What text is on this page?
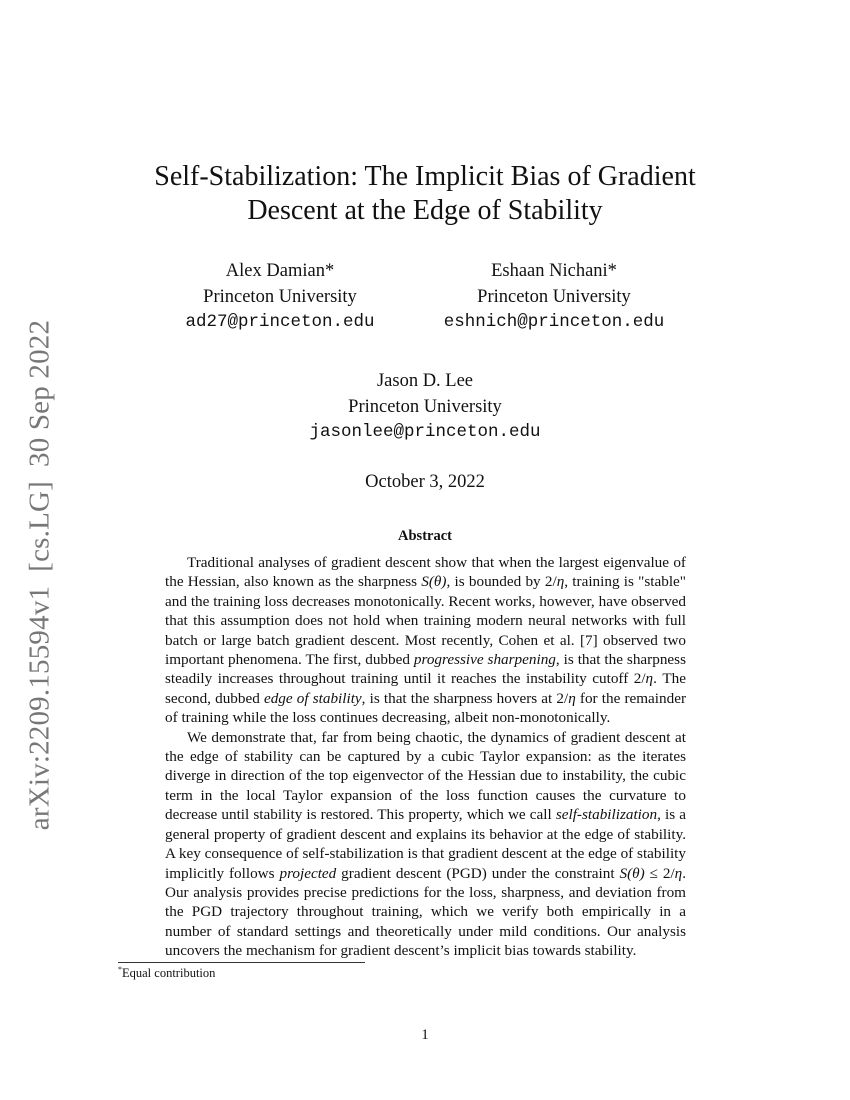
arXiv:2209.15594v1[cs.LG]30 Sep 2022
Self-Stabilization: The Implicit Bias of Gradient
Descent at the Edge of Stability
Alex Damian*
Princeton University
ad27@princeton.edu
Eshaan Nichani*
Princeton University
eshnich@princeton.edu
Jason D. Lee
Princeton University
jasonlee@princeton.edu
October 3, 2022
Abstract

Traditional analyses of gradient descent show that when the largest eigenvalue of the Hessian, also known as the sharpness S(θ), is bounded by 2/η, training is "stable" and the training loss decreases monotonically. Recent works, however, have observed that this assumption does not hold when training modern neural networks with full batch or large batch gradient descent. Most recently, Cohen et al. [7] observed two important phenomena. The first, dubbed progressive sharpening, is that the sharpness steadily increases throughout training until it reaches the instability cutoff 2/η. The second, dubbed edge of stability, is that the sharpness hovers at 2/η for the remainder of training while the loss continues decreasing, albeit non-monotonically.

We demonstrate that, far from being chaotic, the dynamics of gradient descent at the edge of stability can be captured by a cubic Taylor expansion: as the iterates diverge in direction of the top eigenvector of the Hessian due to instability, the cubic term in the local Taylor expansion of the loss function causes the curvature to decrease until stability is restored. This property, which we call self-stabilization, is a general property of gradient descent and explains its behavior at the edge of stability. A key consequence of self-stabilization is that gradient descent at the edge of stability implicitly follows projected gradient descent (PGD) under the constraint S(θ) ≤ 2/η. Our analysis provides precise predictions for the loss, sharpness, and deviation from the PGD trajectory throughout training, which we verify both empirically in a number of standard settings and theoretically under mild conditions. Our analysis uncovers the mechanism for gradient descent’s implicit bias towards stability.

*Equal contribution
1
